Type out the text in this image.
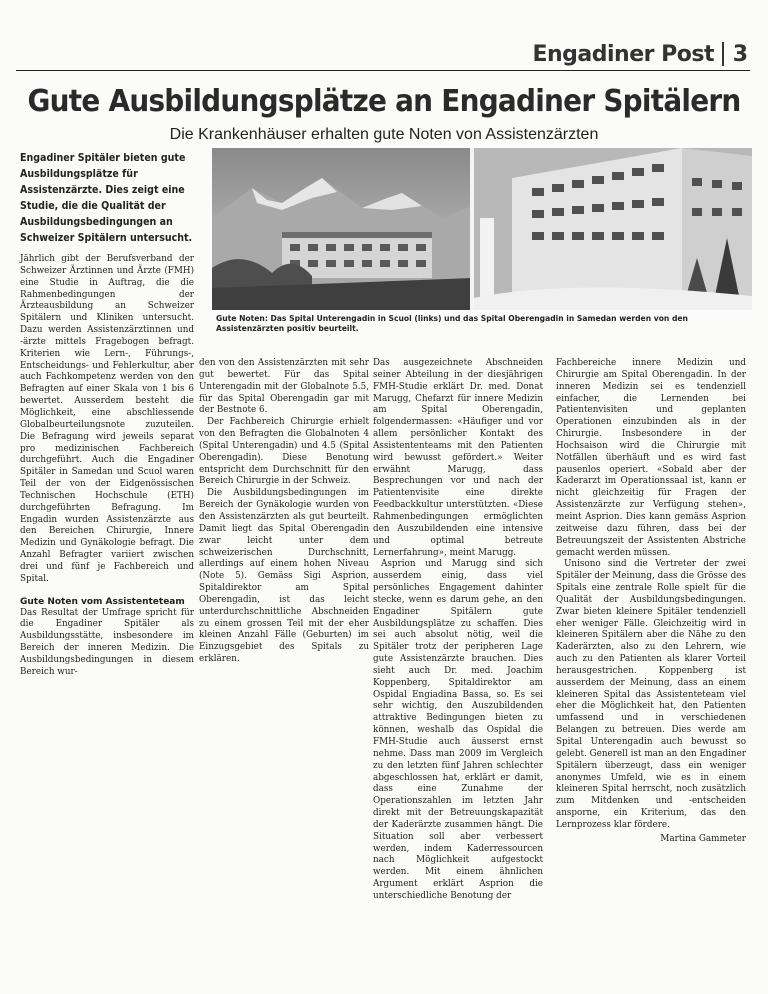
Engadiner Post 3
Gute Ausbildungsplätze an Engadiner Spitälern
Die Krankenhäuser erhalten gute Noten von Assistenzärzten
Engadiner Spitäler bieten gute Ausbildungsplätze für Assistenzärzte. Dies zeigt eine Studie, die die Qualität der Ausbildungsbedingungen an Schweizer Spitälern untersucht.
Gute Noten: Das Spital Unterengadin in Scuol (links) und das Spital Oberengadin in Samedan werden von den Assistenzärzten positiv beurteilt.

Jährlich gibt der Berufsverband der Schweizer Ärztinnen und Ärzte (FMH) eine Studie in Auftrag, die die Rahmenbedingungen der Ärzteausbildung an Schweizer Spitälern und Kliniken untersucht. Dazu werden Assistenzärztinnen und -ärzte mittels Fragebogen befragt. Kriterien wie Lern-, Führungs-, Entscheidungs- und Fehlerkultur, aber auch Fachkompetenz werden von den Befragten auf einer Skala von 1 bis 6 bewertet. Ausserdem besteht die Möglichkeit, eine abschliessende Globalbeurteilungsnote zuzuteilen. Die Befragung wird jeweils separat pro medizinischen Fachbereich durchgeführt. Auch die Engadiner Spitäler in Samedan und Scuol waren Teil der von der Eidgenössischen Technischen Hochschule (ETH) durchgeführten Befragung. Im Engadin wurden Assistenzärzte aus den Bereichen Chirurgie, Innere Medizin und Gynäkologie befragt. Die Anzahl Befragter variiert zwischen drei und fünf je Fachbereich und Spital.

Gute Noten vom Assistenteteam

Das Resultat der Umfrage spricht für die Engadiner Spitäler als Ausbildungsstätte, insbesondere im Bereich der inneren Medizin. Die Ausbildungsbedingungen in diesem Bereich wur-

den von den Assistenzärzten mit sehr gut bewertet. Für das Spital Unterengadin mit der Globalnote 5.5, für das Spital Oberengadin gar mit der Bestnote 6.

Der Fachbereich Chirurgie erhielt von den Befragten die Globalnoten 4 (Spital Unterengadin) und 4.5 (Spital Oberengadin). Diese Benotung entspricht dem Durchschnitt für den Bereich Chirurgie in der Schweiz.

Die Ausbildungsbedingungen im Bereich der Gynäkologie wurden von den Assistenzärzten als gut beurteilt. Damit liegt das Spital Oberengadin zwar leicht unter dem schweizerischen Durchschnitt, allerdings auf einem hohen Niveau (Note 5). Gemäss Sigi Asprion, Spitaldirektor am Spital Oberengadin, ist das leicht unterdurchschnittliche Abschneiden zu einem grossen Teil mit der eher kleinen Anzahl Fälle (Geburten) im Einzugsgebiet des Spitals zu erklären.

Das ausgezeichnete Abschneiden seiner Abteilung in der diesjährigen FMH-Studie erklärt Dr. med. Donat Marugg, Chefarzt für innere Medizin am Spital Oberengadin, folgendermassen: «Häufiger und vor allem persönlicher Kontakt des Assistententeams mit den Patienten wird bewusst gefördert.» Weiter erwähnt Marugg, dass Besprechungen vor und nach der Patientenvisite eine direkte Feedbackkultur unterstützten. «Diese Rahmenbedingungen ermöglichten den Auszubildenden eine intensive und optimal betreute Lernerfahrung», meint Marugg.

Asprion und Marugg sind sich ausserdem einig, dass viel persönliches Engagement dahinter stecke, wenn es darum gehe, an den Engadiner Spitälern gute Ausbildungsplätze zu schaffen. Dies sei auch absolut nötig, weil die Spitäler trotz der peripheren Lage gute Assistenzärzte brauchen. Dies sieht auch Dr. med. Joachim Koppenberg, Spitaldirektor am Ospidal Engiadina Bassa, so. Es sei sehr wichtig, den Auszubildenden attraktive Bedingungen bieten zu können, weshalb das Ospidal die FMH-Studie auch äusserst ernst nehme. Dass man 2009 im Vergleich zu den letzten fünf Jahren schlechter abgeschlossen hat, erklärt er damit, dass eine Zunahme der Operationszahlen im letzten Jahr direkt mit der Betreuungskapazität der Kaderärzte zusammen hängt. Die Situation soll aber verbessert werden, indem Kaderressourcen nach Möglichkeit aufgestockt werden. Mit einem ähnlichen Argument erklärt Asprion die unterschiedliche Benotung der

Fachbereiche innere Medizin und Chirurgie am Spital Oberengadin. In der inneren Medizin sei es tendenziell einfacher, die Lernenden bei Patientenvisiten und geplanten Operationen einzubinden als in der Chirurgie. Insbesondere in der Hochsaison wird die Chirurgie mit Notfällen überhäuft und es wird fast pausenlos operiert. «Sobald aber der Kaderarzt im Operationssaal ist, kann er nicht gleichzeitig für Fragen der Assistenzärzte zur Verfügung stehen», meint Asprion. Dies kann gemäss Asprion zeitweise dazu führen, dass bei der Betreuungszeit der Assistenten Abstriche gemacht werden müssen.

Unisono sind die Vertreter der zwei Spitäler der Meinung, dass die Grösse des Spitals eine zentrale Rolle spielt für die Qualität der Ausbildungsbedingungen. Zwar bieten kleinere Spitäler tendenziell eher weniger Fälle. Gleichzeitig wird in kleineren Spitälern aber die Nähe zu den Kaderärzten, also zu den Lehrern, wie auch zu den Patienten als klarer Vorteil herausgestrichen. Koppenberg ist ausserdem der Meinung, dass an einem kleineren Spital das Assistenteteam viel eher die Möglichkeit hat, den Patienten umfassend und in verschiedenen Belangen zu betreuen. Dies werde am Spital Unterengadin auch bewusst so gelebt. Generell ist man an den Engadiner Spitälern überzeugt, dass ein weniger anonymes Umfeld, wie es in einem kleineren Spital herrscht, noch zusätzlich zum Mitdenken und -entscheiden ansporne, ein Kriterium, das den Lernprozess klar fördere.

Martina Gammeter
